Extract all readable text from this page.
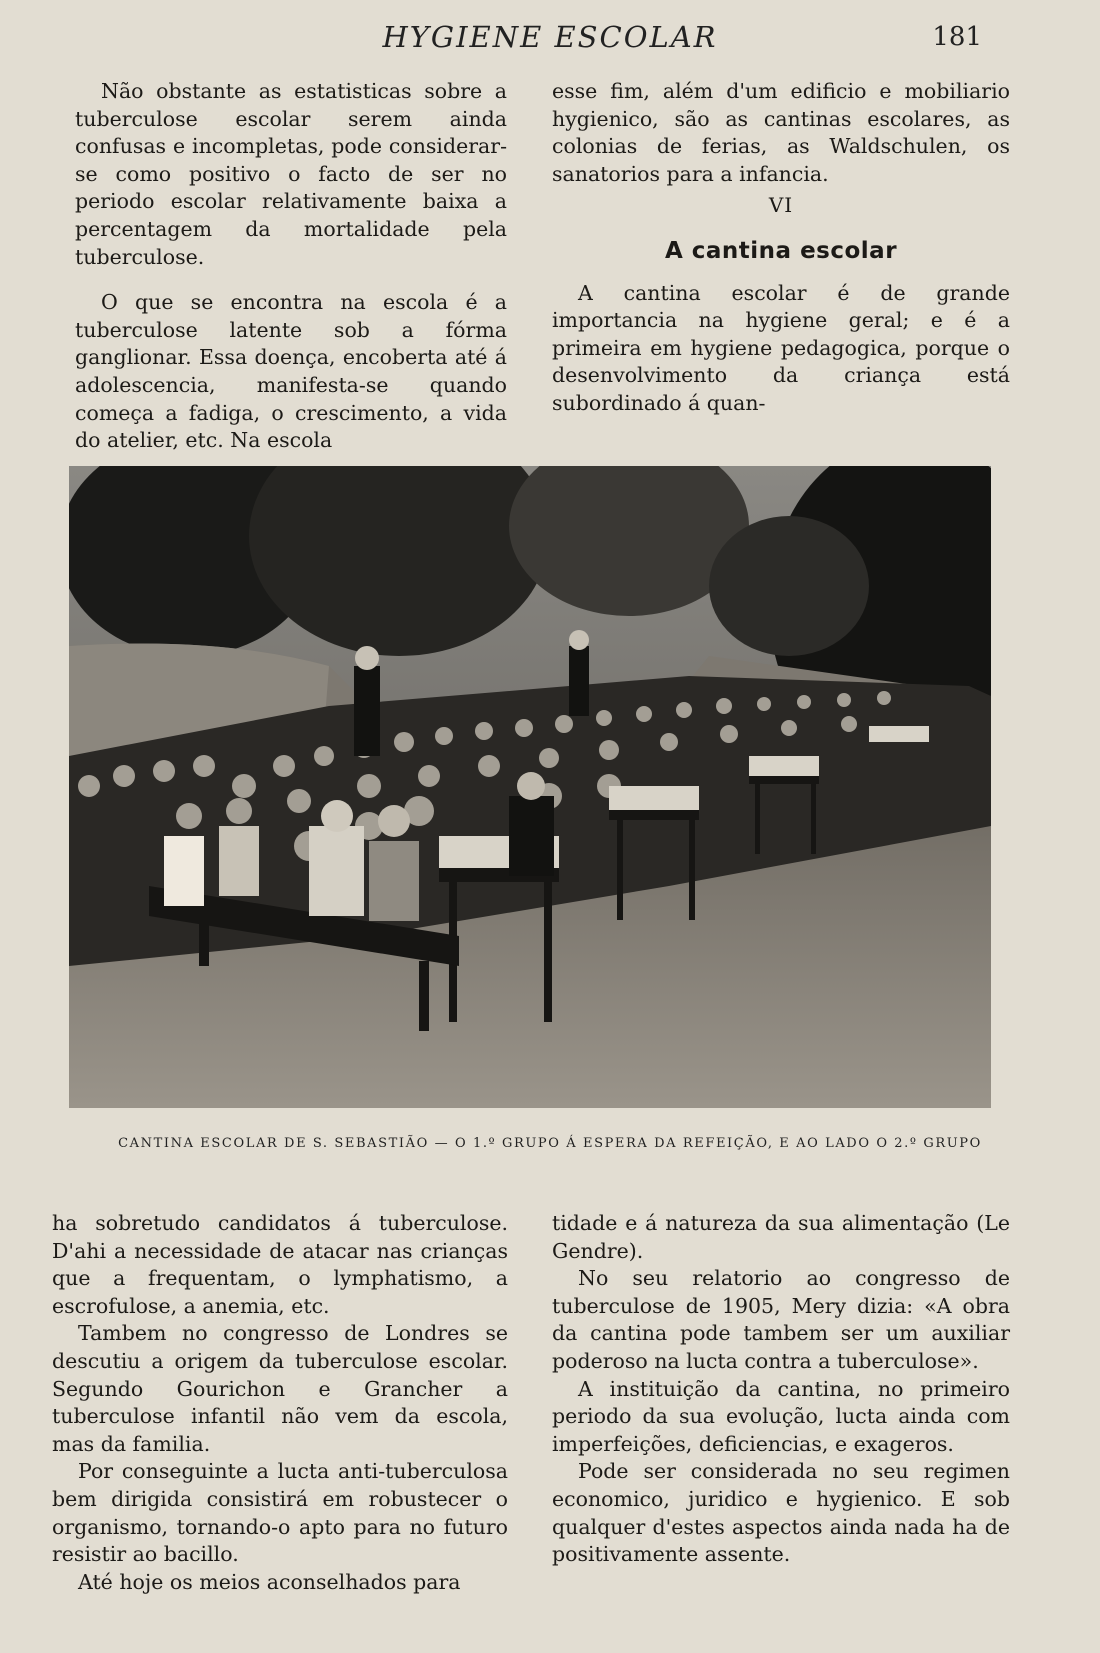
HYGIENE ESCOLAR	181

Não obstante as estatisticas sobre a tuberculose escolar serem ainda confusas e incompletas, pode considerar-se como positivo o facto de ser no periodo escolar relativamente baixa a percentagem da mortalidade pela tuberculose.

O que se encontra na escola é a tuberculose latente sob a fórma ganglionar. Essa doença, encoberta até á adolescencia, manifesta-se quando começa a fadiga, o crescimento, a vida do atelier, etc. Na escola

esse fim, além d'um edificio e mobiliario hygienico, são as cantinas escolares, as colonias de ferias, as Waldschulen, os sanatorios para a infancia.

VI
A cantina escolar

A cantina escolar é de grande importancia na hygiene geral; e é a primeira em hygiene pedagogica, porque o desenvolvimento da criança está subordinado á quan-

CANTINA ESCOLAR DE S. SEBASTIÃO — O 1.º GRUPO Á ESPERA DA REFEIÇÃO, E AO LADO O 2.º GRUPO

ha sobretudo candidatos á tuberculose. D'ahi a necessidade de atacar nas crianças que a frequentam, o lymphatismo, a escrofulose, a anemia, etc.

Tambem no congresso de Londres se descutiu a origem da tuberculose escolar. Segundo Gourichon e Grancher a tuberculose infantil não vem da escola, mas da familia.

Por conseguinte a lucta anti-tuberculosa bem dirigida consistirá em robustecer o organismo, tornando-o apto para no futuro resistir ao bacillo.

Até hoje os meios aconselhados para

tidade e á natureza da sua alimentação (Le Gendre).

No seu relatorio ao congresso de tuberculose de 1905, Mery dizia: «A obra da cantina pode tambem ser um auxiliar poderoso na lucta contra a tuberculose».

A instituição da cantina, no primeiro periodo da sua evolução, lucta ainda com imperfeições, deficiencias, e exageros.

Pode ser considerada no seu regimen economico, juridico e hygienico. E sob qualquer d'estes aspectos ainda nada ha de positivamente assente.
